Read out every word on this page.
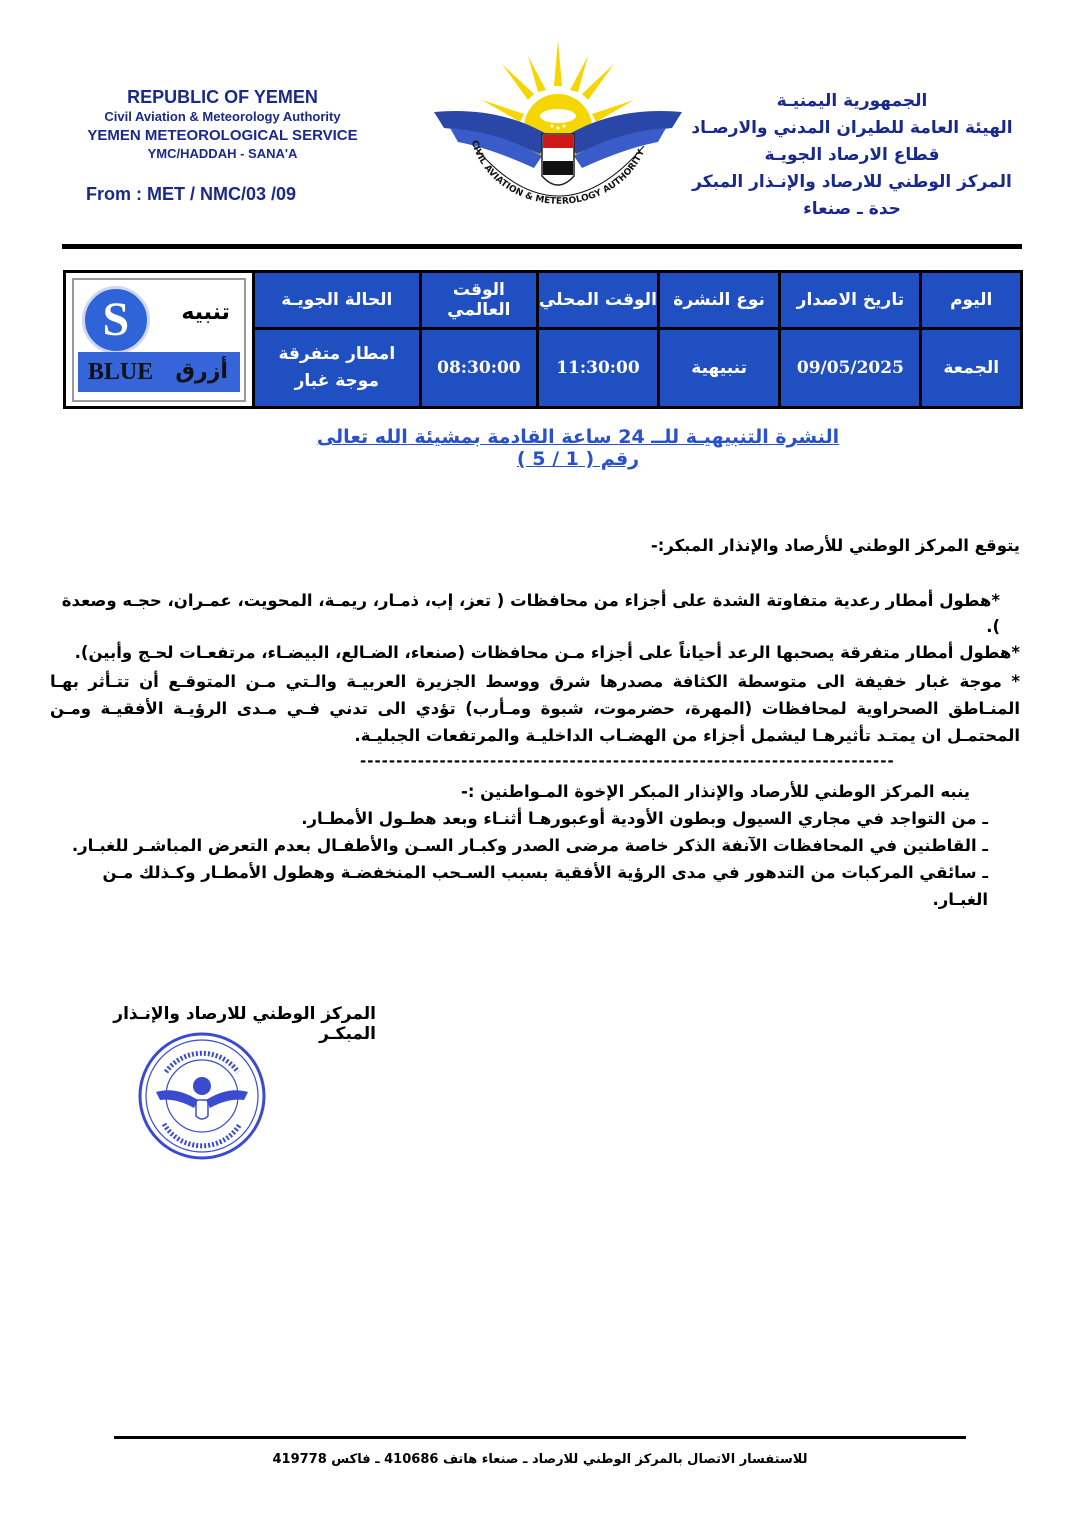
REPUBLIC OF YEMEN
Civil Aviation & Meteorology Authority
YEMEN METEOROLOGICAL SERVICE
YMC/HADDAH - SANA'A
From : MET / NMC/03 /09
CIVIL AVIATION & METEROLOGY AUTHORITY
الجمهورية اليمنيـة
الهيئة العامة للطيران المدني والارصـاد
قطاع الارصاد الجويـة
المركز الوطني للارصاد والإنـذار المبكر
حدة ـ صنعاء
اليوم	تاريخ الاصدار	نوع النشرة	الوقت المحلي	الوقت العالمي	الحالة الجويـة	S تنبيه
BLUE أزرق

الجمعة	09/05/2025	تنبيهية	11:30:00	08:30:00	امطار متفرقة
موجة غبار	
النشرة التنبيهيـة للــ 24 ساعة القادمة بمشيئة الله تعالى رقم ( 1 / 5 )
يتوقع المركز الوطني للأرصاد والإنذار المبكر:-
*هطول أمطار رعدية متفاوتة الشدة على أجزاء من محافظات ( تعز، إب، ذمـار، ريمـة، المحويت، عمـران، حجـه وصعدة ).
*هطول أمطار متفرقة يصحبها الرعد أحياناً على أجزاء مـن محافظات (صنعاء، الضـالع، البيضـاء، مرتفعـات لحـج وأبين).
* موجة غبار خفيفة الى متوسطة الكثافة مصدرها شرق ووسط الجزيرة العربيـة والـتي مـن المتوقـع أن تتـأثر بهـا المنـاطق الصحراوية لمحافظات (المهرة، حضرموت، شبوة ومـأرب) تؤدي الى تدني فـي مـدى الرؤيـة الأفقيـة ومـن المحتمـل ان يمتـد تأثيرهـا ليشمل أجزاء من الهضـاب الداخليـة والمرتفعات الجبليـة.
--------------------------------------------------------------------------
ينبه المركز الوطني للأرصاد والإنذار المبكر الإخوة المـواطنين :-
ـ من التواجد في مجاري السيول وبطون الأودية أوعبورهـا أثنـاء وبعد هطـول الأمطـار.
ـ القاطنين في المحافظات الآنفة الذكر خاصة مرضى الصدر وكبـار السـن والأطفـال بعدم التعرض المباشـر للغبـار.
ـ سائقي المركبات من التدهور في مدى الرؤية الأفقية بسبب السـحب المنخفضـة وهطول الأمطـار وكـذلك مـن الغبـار.
المركز الوطني للارصاد والإنـذار المبكـر
للاستفسار الاتصال بالمركز الوطني للارصاد ـ صنعاء هاتف 410686 ـ فاكس 419778
